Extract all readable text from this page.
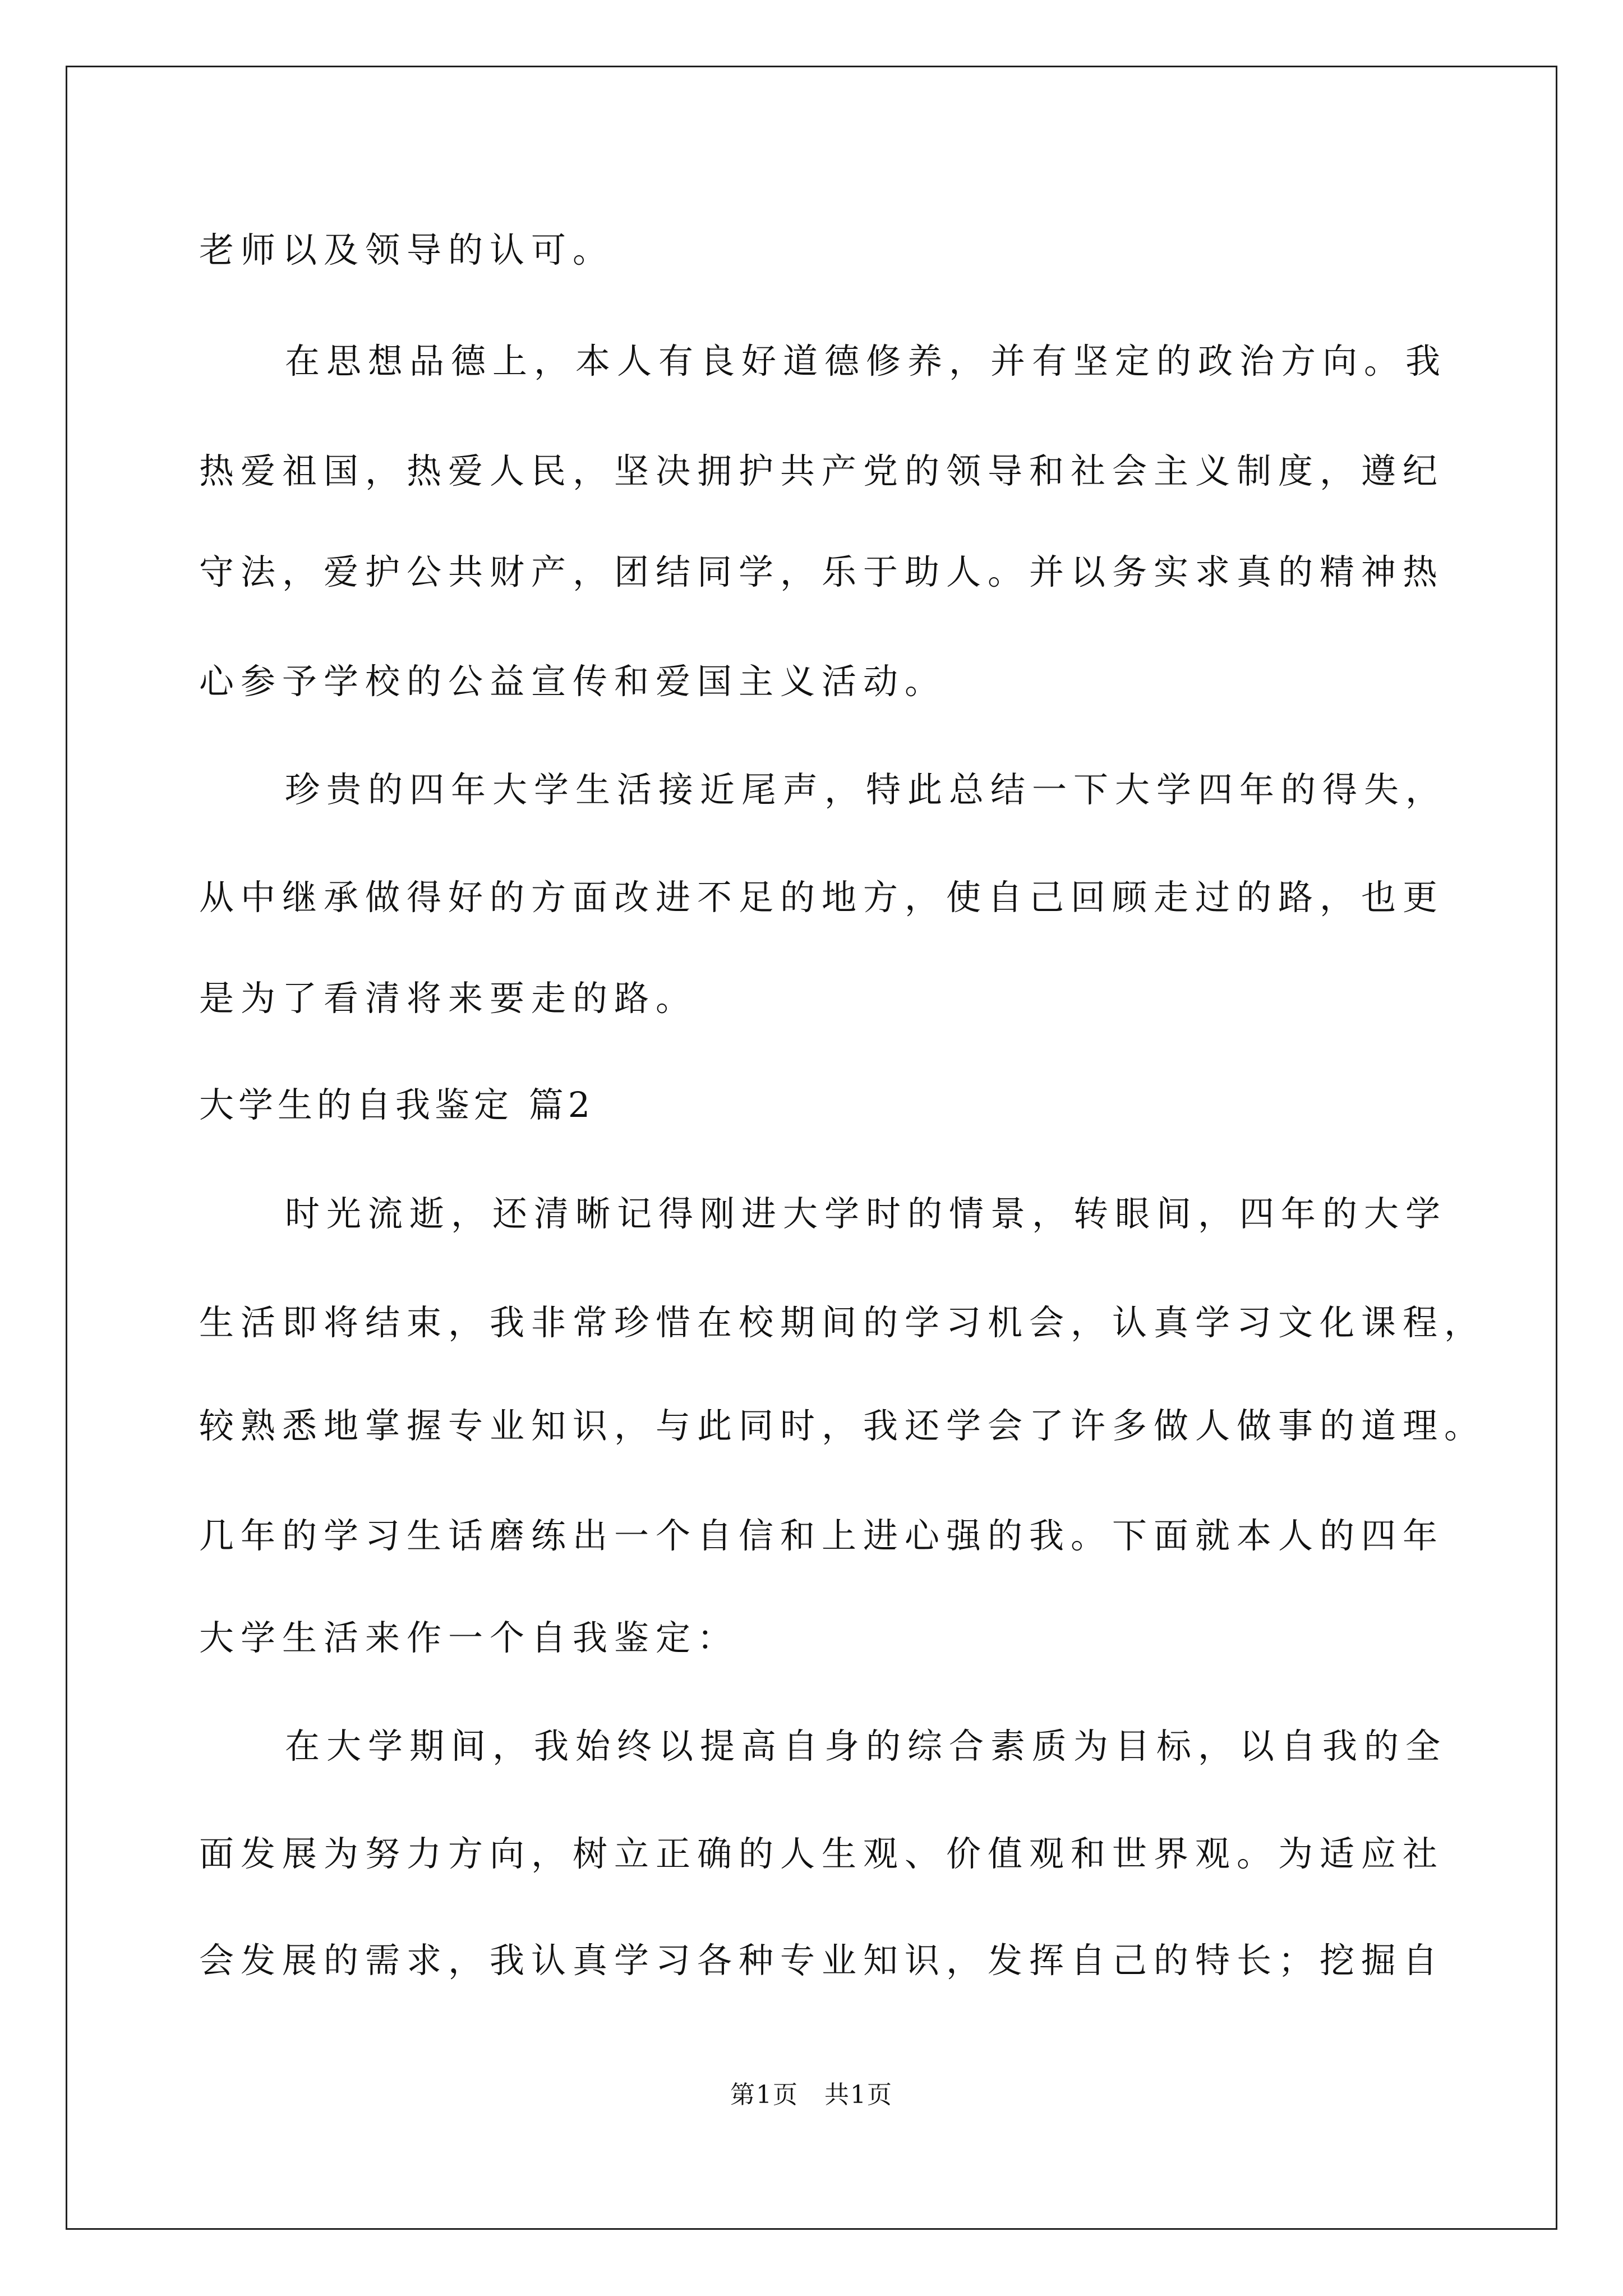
老师以及领导的认可。
在思想品德上，本人有良好道德修养，并有坚定的政治方向。我
热爱祖国，热爱人民，坚决拥护共产党的领导和社会主义制度，遵纪
守法，爱护公共财产，团结同学，乐于助人。并以务实求真的精神热
心参予学校的公益宣传和爱国主义活动。
珍贵的四年大学生活接近尾声，特此总结一下大学四年的得失，
从中继承做得好的方面改进不足的地方，使自己回顾走过的路，也更
是为了看清将来要走的路。
大学生的自我鉴定 篇2
时光流逝，还清晰记得刚进大学时的情景，转眼间，四年的大学
生活即将结束，我非常珍惜在校期间的学习机会，认真学习文化课程，
较熟悉地掌握专业知识，与此同时，我还学会了许多做人做事的道理。
几年的学习生话磨练出一个自信和上进心强的我。下面就本人的四年
大学生活来作一个自我鉴定：
在大学期间，我始终以提高自身的综合素质为目标，以自我的全
面发展为努力方向，树立正确的人生观、价值观和世界观。为适应社
会发展的需求，我认真学习各种专业知识，发挥自己的特长；挖掘自
第1页　共1页
